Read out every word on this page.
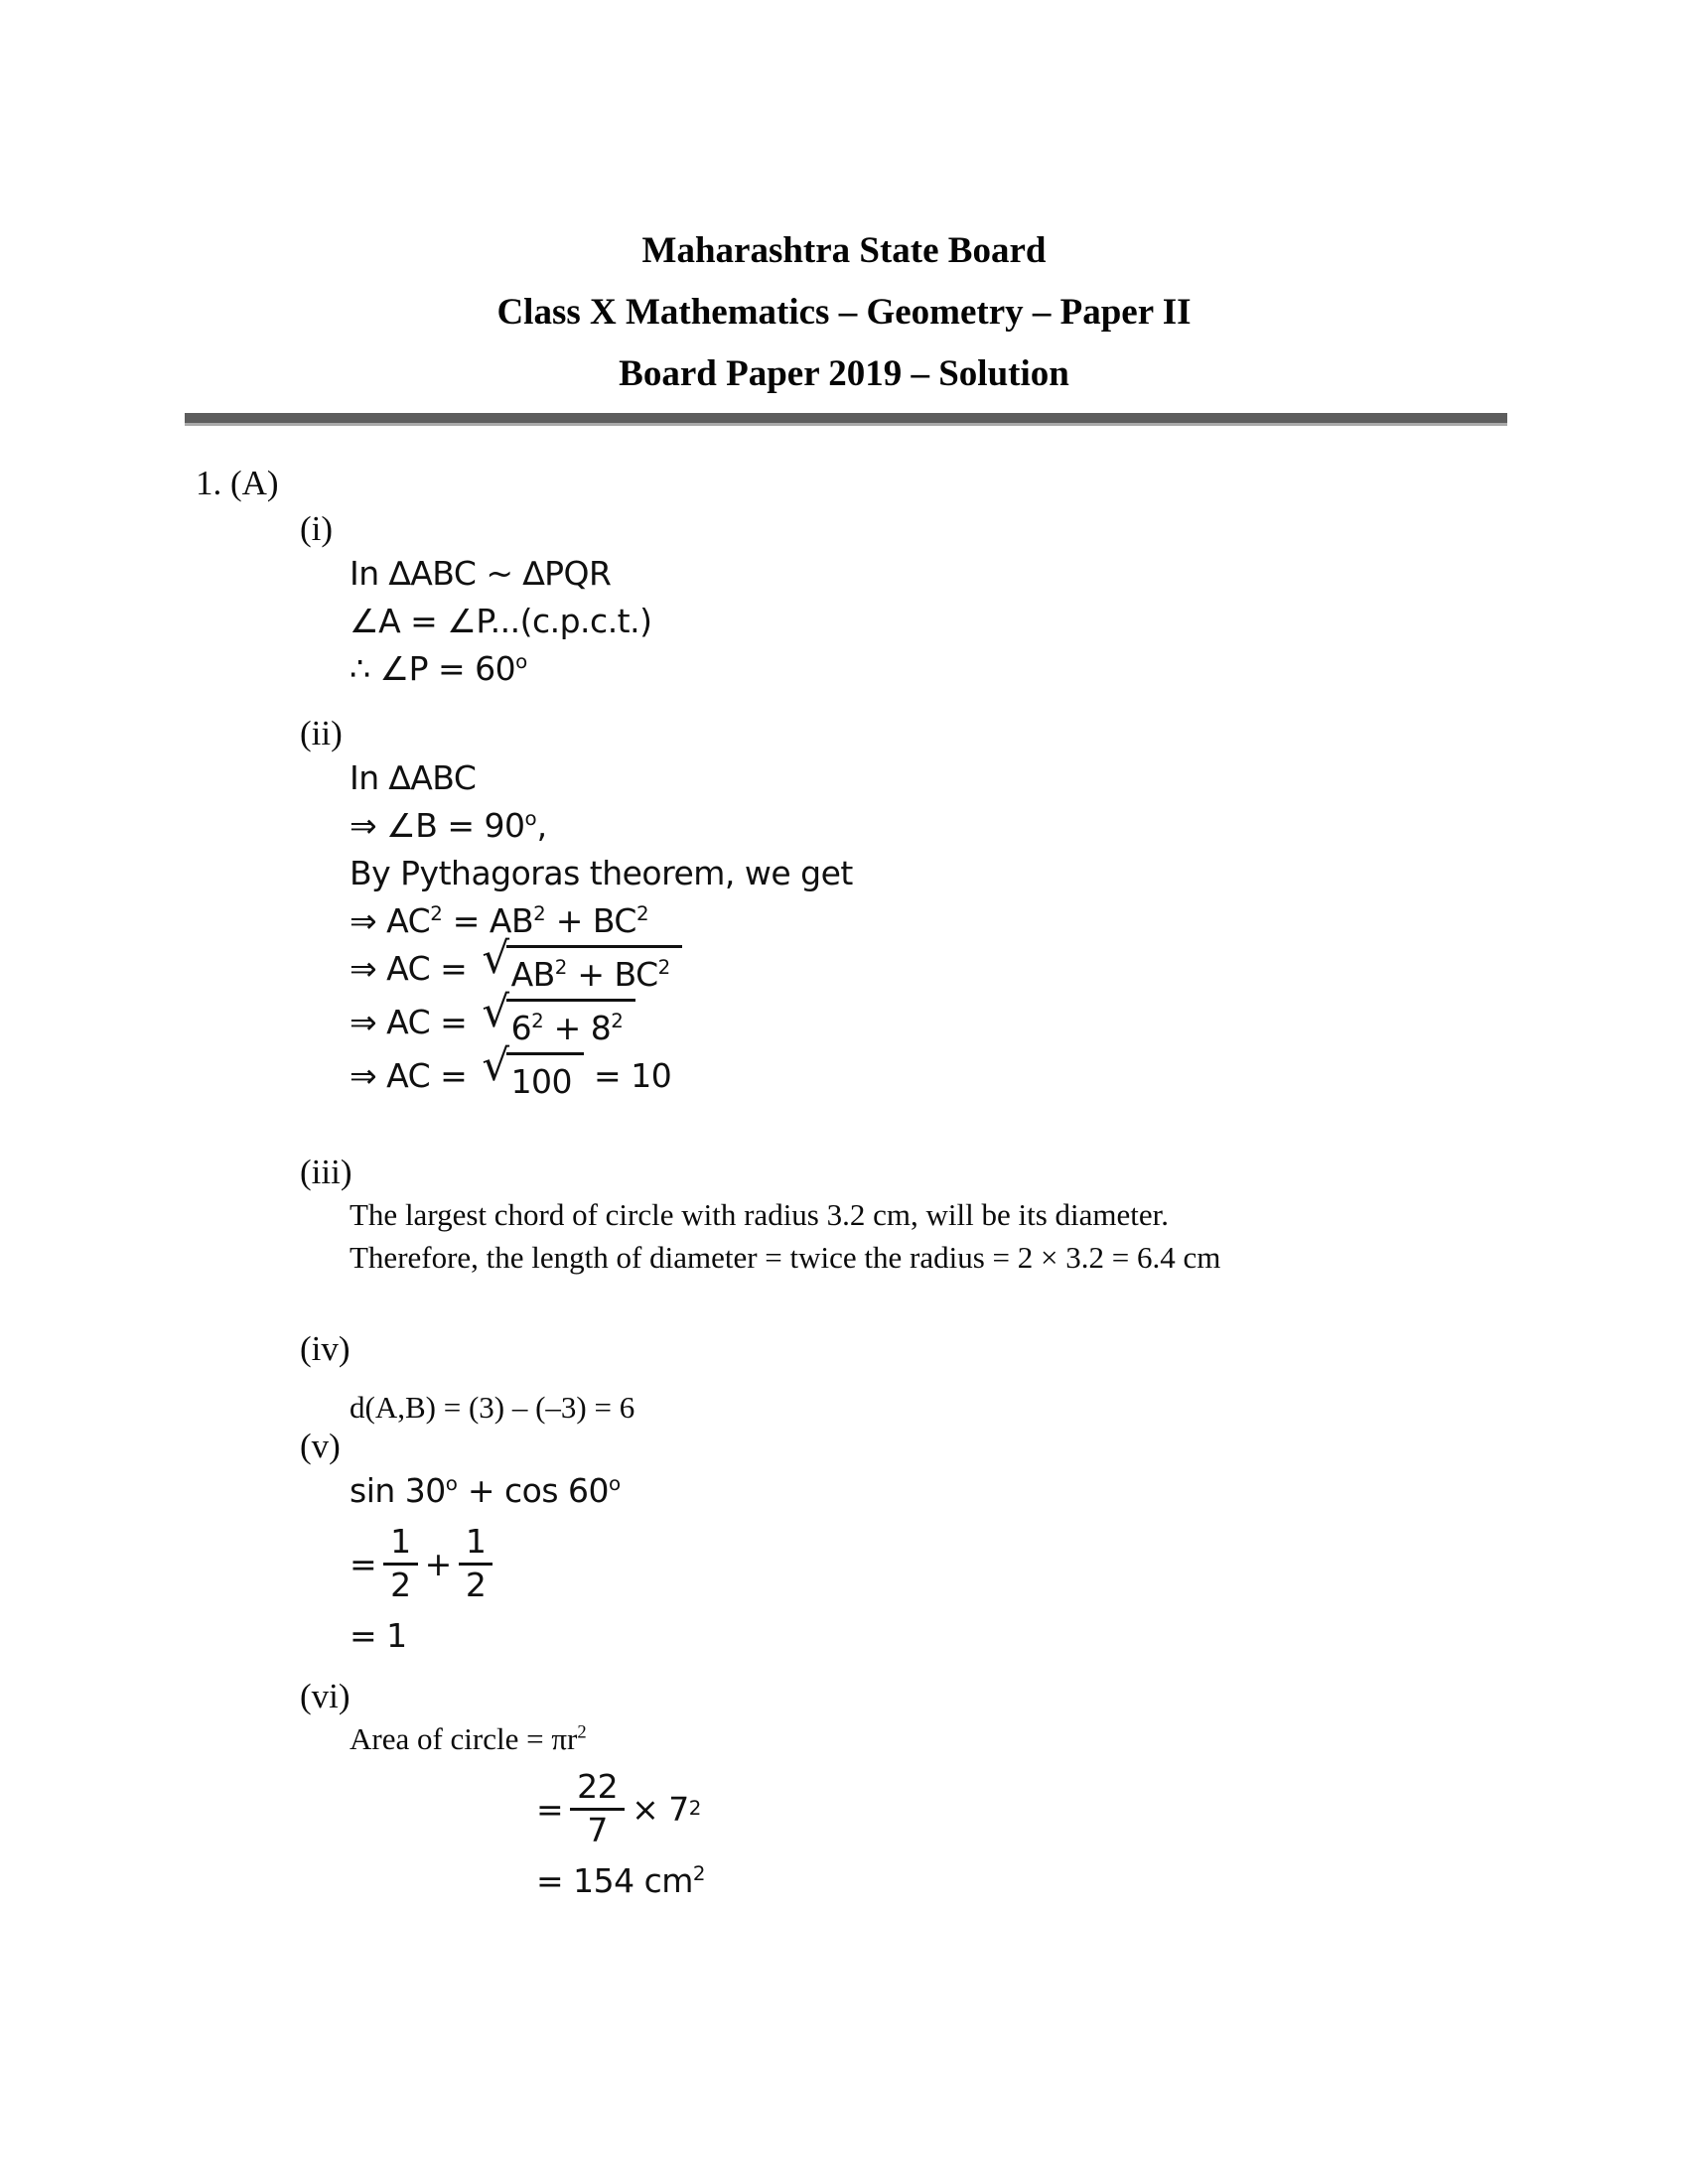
Maharashtra State Board
Class X Mathematics – Geometry – Paper II
Board Paper 2019 – Solution
1. (A)
(i)
In ∆ABC ~ ∆PQR
∠A = ∠P...(c.p.c.t.)
∴ ∠P = $60^o$
(ii)
In ∆ABC
⇒ ∠B = $90^o$,
By Pythagoras theorem, we get
⇒ $AC^2 = AB^2 + BC^2$
⇒ AC = √ $AB^2 + BC^2$
⇒ AC = √ $6^2 + 8^2$
⇒ AC = √ 100 = 10
(iii)
The largest chord of circle with radius 3.2 cm, will be its diameter.
Therefore, the length of diameter = twice the radius = 2 × 3.2 = 6.4 cm
(iv)
d(A,B) = (3) – (–3) = 6
(v)
$\sin 30^o + \cos 60^o$
= $\frac{1}{2} + \frac{1}{2}$
= 1
(vi)
Area of circle = $\pi r^2$
= $\frac{22}{7} \times 7$ 2
= 154 $cm^2$
